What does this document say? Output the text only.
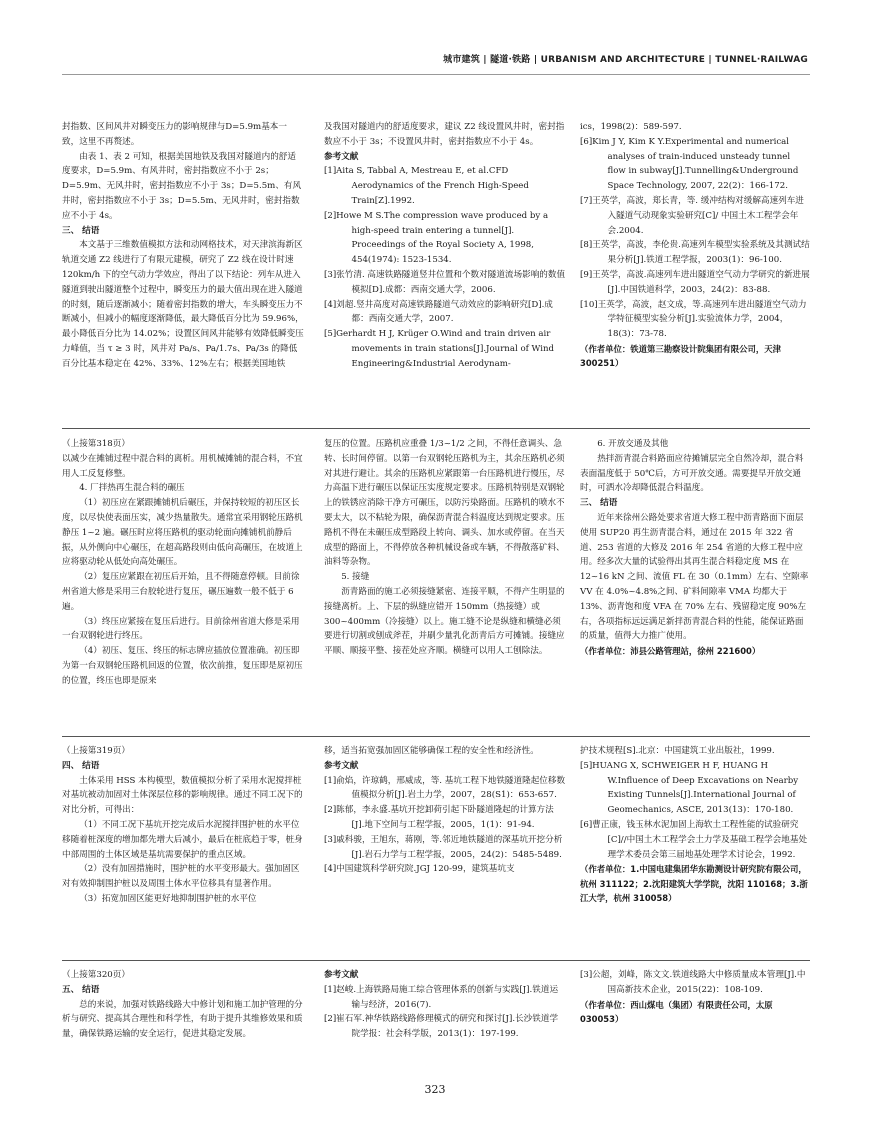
城市建筑 | 隧道·铁路 | URBANISM AND ARCHITECTURE | TUNNEL·RAILWAG

封指数、区间风井对瞬变压力的影响规律与D=5.9m基本一致，这里不再赘述。

由表 1、表 2 可知，根据美国地铁及我国对隧道内的舒适度要求，D=5.9m、有风井时，密封指数应不小于 2s；D=5.9m、无风井时，密封指数应不小于 3s；D=5.5m、有风井时，密封指数应不小于 3s；D=5.5m、无风井时，密封指数应不小于 4s。

三、 结语

本文基于三维数值模拟方法和动网格技术，对天津滨海新区轨道交通 Z2 线进行了有限元建模，研究了 Z2 线在设计时速 120km/h 下的空气动力学效应，得出了以下结论：列车从进入隧道到驶出隧道整个过程中，瞬变压力的最大值出现在进入隧道的时刻，随后逐渐减小；随着密封指数的增大，车头瞬变压力不断减小，但减小的幅度逐渐降低，最大降低百分比为 59.96%，最小降低百分比为 14.02%；设置区间风井能够有效降低瞬变压力峰值，当 τ ≥ 3 时，风井对 Pa/s、Pa/1.7s、Pa/3s 的降低百分比基本稳定在 42%、33%、12%左右；根据美国地铁

及我国对隧道内的舒适度要求，建议 Z2 线设置风井时，密封指数应不小于 3s；不设置风井时，密封指数应不小于 4s。

参考文献

[1]Aita S, Tabbal A, Mestreau E, et al.CFD Aerodynamics of the French High-Speed Train[Z].1992.

[2]Howe M S.The compression wave produced by a high-speed train entering a tunnel[J]. Proceedings of the Royal Society A, 1998, 454(1974): 1523-1534.

[3]张竹清. 高速铁路隧道竖井位置和个数对隧道流场影响的数值模拟[D].成都：西南交通大学，2006.

[4]刘超.竖井高度对高速铁路隧道气动效应的影响研究[D].成都：西南交通大学，2007.

[5]Gerhardt H J, Krüger O.Wind and train driven air movements in train stations[J].Journal of Wind Engineering&Industrial Aerodynam-

ics，1998(2)：589-597.

[6]Kim J Y, Kim K Y.Experimental and numerical analyses of train-induced unsteady tunnel flow in subway[J].Tunnelling&Underground Space Technology, 2007, 22(2)：166-172.

[7]王英学，高波，郑长青，等. 缓冲结构对缓解高速列车进入隧道气动现象实验研究[C]/ 中国土木工程学会年会.2004.

[8]王英学，高波，李伦贵.高速列车模型实验系统及其测试结果分析[J].铁道工程学报，2003(1)：96-100.

[9]王英学，高波.高速列车进出隧道空气动力学研究的新进展[J].中国铁道科学，2003，24(2)：83-88.

[10]王英学，高波，赵文成，等.高速列车进出隧道空气动力学特征模型实验分析[J].实验流体力学，2004，18(3)：73-78.

（作者单位：铁道第三勘察设计院集团有限公司，天津 300251）

（上接第318页）

以减少在摊铺过程中混合料的离析。用机械摊铺的混合料，不宜用人工反复修整。

4. 厂拌热再生混合料的碾压

（1）初压应在紧跟摊铺机后碾压，并保持较短的初压区长度，以尽快使表面压实，减少热量散失。通常宜采用钢轮压路机静压 1~2 遍。碾压时应将压路机的驱动轮面向摊铺机前静后振，从外侧向中心碾压，在超高路段则由低向高碾压，在坡道上应将驱动轮从低处向高处碾压。

（2）复压应紧跟在初压后开始，且不得随意停顿。目前徐州省道大修是采用三台胶轮进行复压，碾压遍数一般不低于 6 遍。

（3）终压应紧接在复压后进行。目前徐州省道大修是采用一台双钢轮进行终压。

（4）初压、复压、终压的标志牌应插放位置准确。初压即为第一台双钢轮压路机回返的位置，依次前推，复压即是原初压的位置，终压也即是原来

复压的位置。压路机应重叠 1/3~1/2 之间，不得任意调头、急转、长时间停留。以第一台双钢轮压路机为主，其余压路机必须对其进行避让。其余的压路机应紧跟第一台压路机进行慢压，尽力高温下进行碾压以保证压实度规定要求。压路机特别是双钢轮上的铁锈应消除干净方可碾压，以防污染路面。压路机的喷水不要太大，以不粘轮为限，确保沥青混合料温度达到规定要求。压路机不得在未碾压成型路段上转向、调头、加水或停留。在当天成型的路面上，不得停放各种机械设备或车辆，不得散落矿料、油料等杂物。

5. 接缝

沥青路面的施工必须接缝紧密、连接平顺，不得产生明显的接缝离析。上、下层的纵缝应错开 150mm（热接缝）或 300~400mm（冷接缝）以上。施工缝不论是纵缝和横缝必须要进行切割或刨成斧茬，并刷少量乳化沥青后方可摊铺。接缝应平顺、顺接平整、接茬处应齐顺。横缝可以用人工刨除法。

6. 开放交通及其他

热拌沥青混合料路面应待摊铺层完全自然冷却，混合料表面温度低于 50℃后，方可开放交通。需要提早开放交通时，可洒水冷却降低混合料温度。

三、 结语

近年来徐州公路处要求省道大修工程中沥青路面下面层使用 SUP20 再生沥青混合料，通过在 2015 年 322 省道、253 省道的大修及 2016 年 254 省道的大修工程中应用。经多次大量的试验得出其再生混合料稳定度 MS 在 12~16 kN 之间、流值 FL 在 30（0.1mm）左右、空隙率 VV 在 4.0%~4.8%之间、矿料间隙率 VMA 均都大于 13%、沥青饱和度 VFA 在 70% 左右、残留稳定度 90%左右，各项指标远远满足新拌沥青混合料的性能，能保证路面的质量，值得大力推广使用。

（作者单位：沛县公路管理站，徐州 221600）

（上接第319页）

四、 结语

土体采用 HSS 本构模型，数值模拟分析了采用水泥搅拌桩对基坑被动加固对土体深层位移的影响规律。通过不同工况下的对比分析，可得出：

（1）不同工况下基坑开挖完成后水泥搅拌围护桩的水平位移随着桩深度的增加都先增大后减小，最后在桩底趋于零，桩身中部周围的土体区域是基坑需要保护的重点区域。

（2）没有加固措施时，围护桩的水平变形最大。强加固区对有效抑制围护桩以及周围土体水平位移具有显著作用。

（3）拓宽加固区能更好地抑制围护桩的水平位

移，适当拓宽强加固区能够确保工程的安全性和经济性。

参考文献

[1]俞焰，许琼鹤，邢威成，等. 基坑工程下地铁隧道隆起位移数值模拟分析[J].岩土力学，2007，28(S1)：653-657.

[2]陈郁，李永盛.基坑开挖卸荷引起下卧隧道隆起的计算方法[J].地下空间与工程学报，2005，1(1)：91-94.

[3]戚科骏，王旭东，蒋刚，等.邻近地铁隧道的深基坑开挖分析[J].岩石力学与工程学报，2005，24(2)：5485-5489.

[4]中国建筑科学研究院.JGJ 120-99，建筑基坑支

护技术规程[S].北京：中国建筑工业出版社，1999.

[5]HUANG X, SCHWEIGER H F, HUANG H W.Influence of Deep Excavations on Nearby Existing Tunnels[J].International Journal of Geomechanics, ASCE, 2013(13)：170-180.

[6]曹正康，钱玉林水泥加固上海软土工程性能的试验研究[C]//中国土木工程学会土力学及基础工程学会地基处理学术委员会第三届地基处理学术讨论会，1992.

（作者单位：1.中国电建集团华东勘测设计研究院有限公司，杭州 311122；2.沈阳建筑大学学院，沈阳 110168；3.浙江大学，杭州 310058）

（上接第320页）

五、 结语

总的来说，加强对铁路线路大中修计划和施工加护管理的分析与研究、提高其合理性和科学性，有助于提升其维修效果和质量，确保铁路运输的安全运行，促进其稳定发展。

参考文献

[1]赵峻.上海铁路局施工综合管理体系的创新与实践[J].铁道运输与经济，2016(7).

[2]崔石军.神华铁路线路修理模式的研究和探讨[J].长沙铁道学院学报：社会科学版，2013(1)：197-199.

[3]公超，刘峰，陈文文.铁道线路大中修质量成本管理[J].中国高新技术企业，2015(22)：108-109.

（作者单位：西山煤电（集团）有限责任公司，太原 030053）

323
